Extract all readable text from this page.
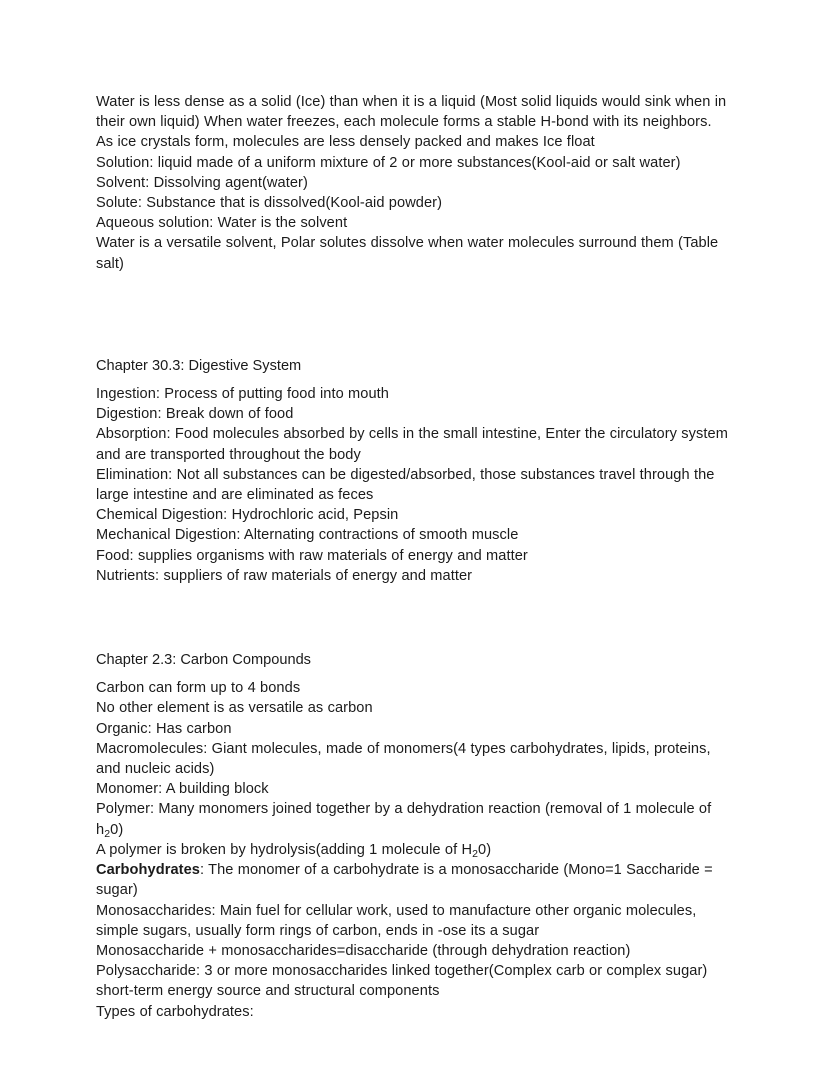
Water is less dense as a solid (Ice) than when it is a liquid (Most solid liquids would sink when in their own liquid) When water freezes, each molecule forms a stable H-bond with its neighbors.

As ice crystals form, molecules are less densely packed and makes Ice float

Solution: liquid made of a uniform mixture of 2 or more substances(Kool-aid or salt water)

Solvent: Dissolving agent(water)

Solute: Substance that is dissolved(Kool-aid powder)

Aqueous solution: Water is the solvent

Water is a versatile solvent, Polar solutes dissolve when water molecules surround them (Table salt)

Chapter 30.3: Digestive System

Ingestion: Process of putting food into mouth

Digestion: Break down of food

Absorption: Food molecules absorbed by cells in the small intestine, Enter the circulatory system and are transported throughout the body

Elimination: Not all substances can be digested/absorbed, those substances travel through the large intestine and are eliminated as feces

Chemical Digestion: Hydrochloric acid, Pepsin

Mechanical Digestion: Alternating contractions of smooth muscle

Food: supplies organisms with raw materials of energy and matter

Nutrients: suppliers of raw materials of energy and matter

Chapter 2.3: Carbon Compounds

Carbon can form up to 4 bonds

No other element is as versatile as carbon

Organic: Has carbon

Macromolecules: Giant molecules, made of monomers(4 types carbohydrates, lipids, proteins, and nucleic acids)

Monomer: A building block

Polymer: Many monomers joined together by a dehydration reaction (removal of 1 molecule of $h_20$)

A polymer is broken by hydrolysis(adding 1 molecule of $H_20$)

Carbohydrates: The monomer of a carbohydrate is a monosaccharide (Mono=1 Saccharide = sugar)

Monosaccharides: Main fuel for cellular work, used to manufacture other organic molecules, simple sugars, usually form rings of carbon, ends in -ose its a sugar

Monosaccharide + monosaccharides=disaccharide (through dehydration reaction)

Polysaccharide: 3 or more monosaccharides linked together(Complex carb or complex sugar) short-term energy source and structural components

Types of carbohydrates:
